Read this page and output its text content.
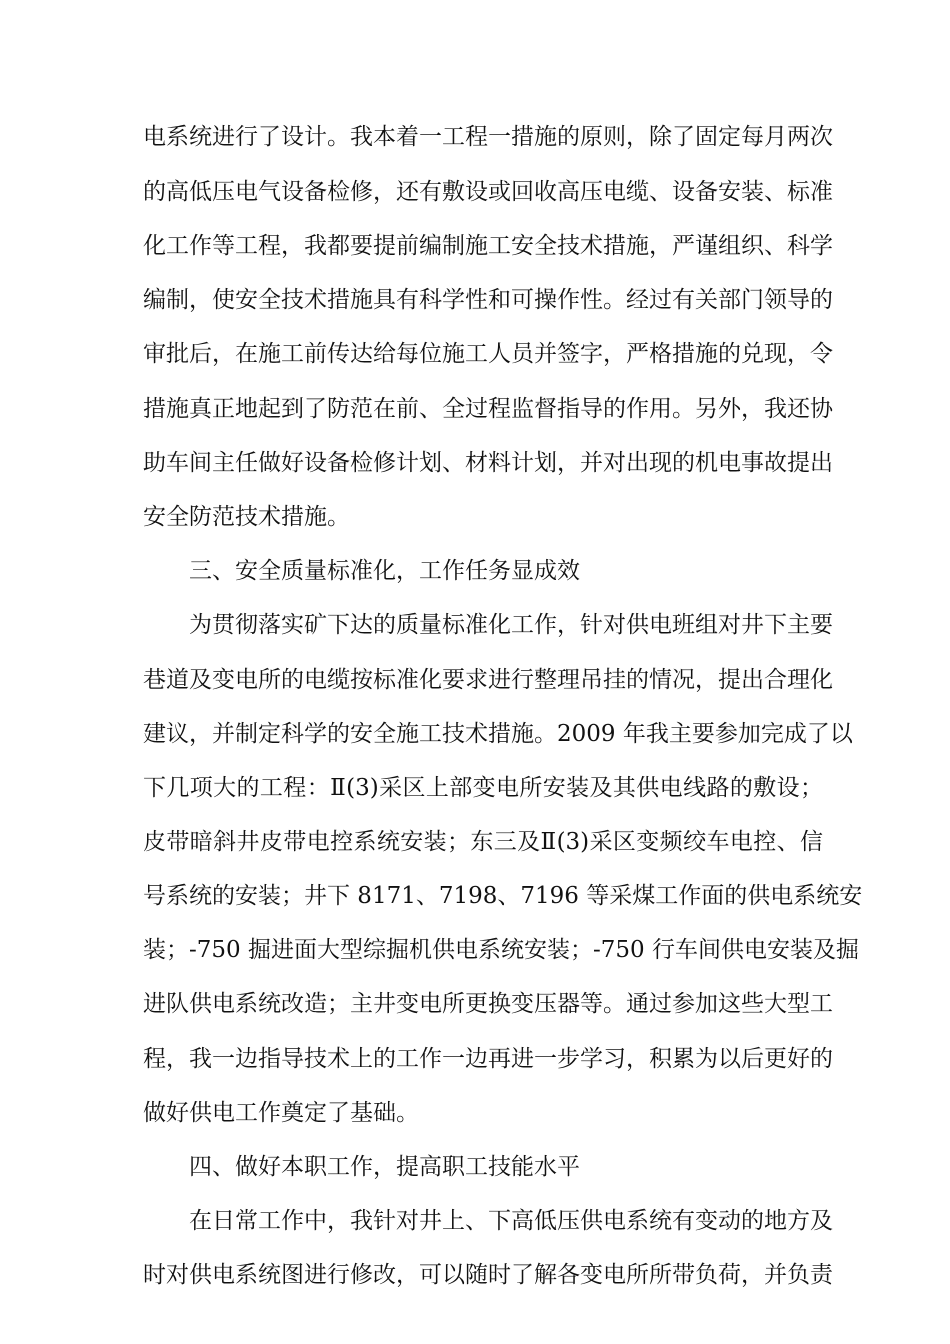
电系统进行了设计。我本着一工程一措施的原则，除了固定每月两次
的高低压电气设备检修，还有敷设或回收高压电缆、设备安装、标准
化工作等工程，我都要提前编制施工安全技术措施，严谨组织、科学
编制，使安全技术措施具有科学性和可操作性。经过有关部门领导的
审批后，在施工前传达给每位施工人员并签字，严格措施的兑现，令
措施真正地起到了防范在前、全过程监督指导的作用。另外，我还协
助车间主任做好设备检修计划、材料计划，并对出现的机电事故提出
安全防范技术措施。
三、安全质量标准化，工作任务显成效
为贯彻落实矿下达的质量标准化工作，针对供电班组对井下主要
巷道及变电所的电缆按标准化要求进行整理吊挂的情况，提出合理化
建议，并制定科学的安全施工技术措施。2009 年我主要参加完成了以
下几项大的工程：Ⅱ(3)采区上部变电所安装及其供电线路的敷设；
皮带暗斜井皮带电控系统安装；东三及Ⅱ(3)采区变频绞车电控、信
号系统的安装；井下 8171、7198、7196 等采煤工作面的供电系统安
装；-750 掘进面大型综掘机供电系统安装；-750 行车间供电安装及掘
进队供电系统改造；主井变电所更换变压器等。通过参加这些大型工
程，我一边指导技术上的工作一边再进一步学习，积累为以后更好的
做好供电工作奠定了基础。
四、做好本职工作，提高职工技能水平
在日常工作中，我针对井上、下高低压供电系统有变动的地方及
时对供电系统图进行修改，可以随时了解各变电所所带负荷，并负责
